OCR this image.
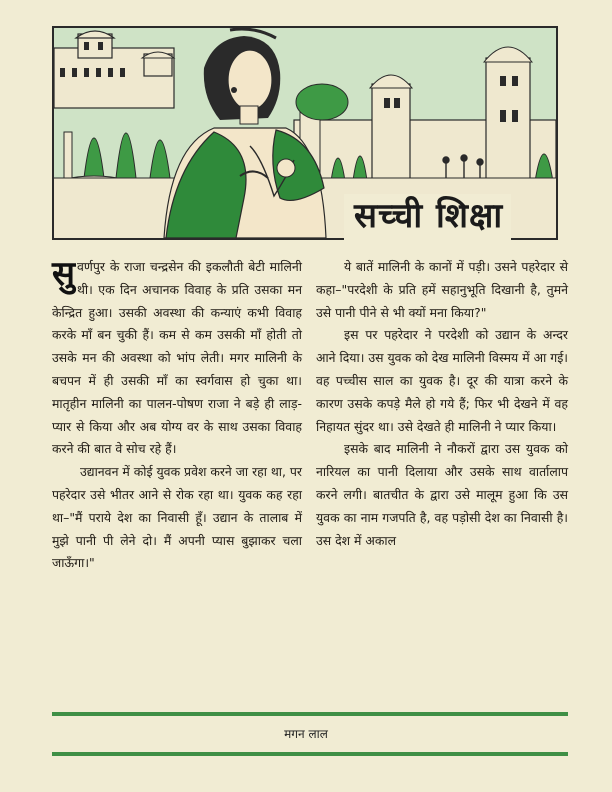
सच्ची शिक्षा

सुवर्णपुर के राजा चन्द्रसेन की इकलौती बेटी मालिनी थी। एक दिन अचानक विवाह के प्रति उसका मन केन्द्रित हुआ। उसकी अवस्था की कन्याएं कभी विवाह करके माँ बन चुकी हैं। कम से कम उसकी माँ होती तो उसके मन की अवस्था को भांप लेती। मगर मालिनी के बचपन में ही उसकी माँ का स्वर्गवास हो चुका था। मातृहीन मालिनी का पालन-पोषण राजा ने बड़े ही लाड़-प्यार से किया और अब योग्य वर के साथ उसका विवाह करने की बात वे सोच रहे हैं।

उद्यानवन में कोई युवक प्रवेश करने जा रहा था, पर पहरेदार उसे भीतर आने से रोक रहा था। युवक कह रहा था–"मैं पराये देश का निवासी हूँ। उद्यान के तालाब में मुझे पानी पी लेने दो। मैं अपनी प्यास बुझाकर चला जाऊँगा।"

ये बातें मालिनी के कानों में पड़ी। उसने पहरेदार से कहा–"परदेशी के प्रति हमें सहानुभूति दिखानी है, तुमने उसे पानी पीने से भी क्यों मना किया?"

इस पर पहरेदार ने परदेशी को उद्यान के अन्दर आने दिया। उस युवक को देख मालिनी विस्मय में आ गई। वह पच्चीस साल का युवक है। दूर की यात्रा करने के कारण उसके कपड़े मैले हो गये हैं; फिर भी देखने में वह निहायत सुंदर था। उसे देखते ही मालिनी ने प्यार किया।

इसके बाद मालिनी ने नौकरों द्वारा उस युवक को नारियल का पानी दिलाया और उसके साथ वार्तालाप करने लगी। बातचीत के द्वारा उसे मालूम हुआ कि उस युवक का नाम गजपति है, वह पड़ोसी देश का निवासी है। उस देश में अकाल

मगन लाल
